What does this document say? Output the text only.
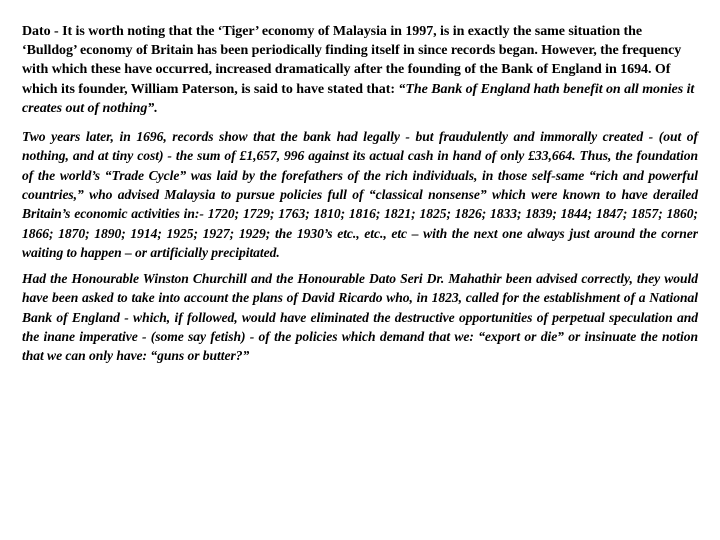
Dato - It is worth noting that the ‘Tiger’ economy of Malaysia in 1997, is in exactly the same situation the ‘Bulldog’ economy of Britain has been periodically finding itself in since records began. However, the frequency with which these have occurred, increased dramatically after the founding of the Bank of England in 1694. Of which its founder, William Paterson, is said to have stated that: “The Bank of England hath benefit on all monies it creates out of nothing”.

Two years later, in 1696, records show that the bank had legally - but fraudulently and immorally created - (out of nothing, and at tiny cost) - the sum of £1,657, 996 against its actual cash in hand of only £33,664. Thus, the foundation of the world’s “Trade Cycle” was laid by the forefathers of the rich individuals, in those self-same “rich and powerful countries,” who advised Malaysia to pursue policies full of “classical nonsense” which were known to have derailed Britain’s economic activities in:- 1720; 1729; 1763; 1810; 1816; 1821; 1825; 1826; 1833; 1839; 1844; 1847; 1857; 1860; 1866; 1870; 1890; 1914; 1925; 1927; 1929; the 1930’s etc., etc., etc – with the next one always just around the corner waiting to happen – or artificially precipitated.

Had the Honourable Winston Churchill and the Honourable Dato Seri Dr. Mahathir been advised correctly, they would have been asked to take into account the plans of David Ricardo who, in 1823, called for the establishment of a National Bank of England - which, if followed, would have eliminated the destructive opportunities of perpetual speculation and the inane imperative - (some say fetish) - of the policies which demand that we: “export or die” or insinuate the notion that we can only have: “guns or butter?”
